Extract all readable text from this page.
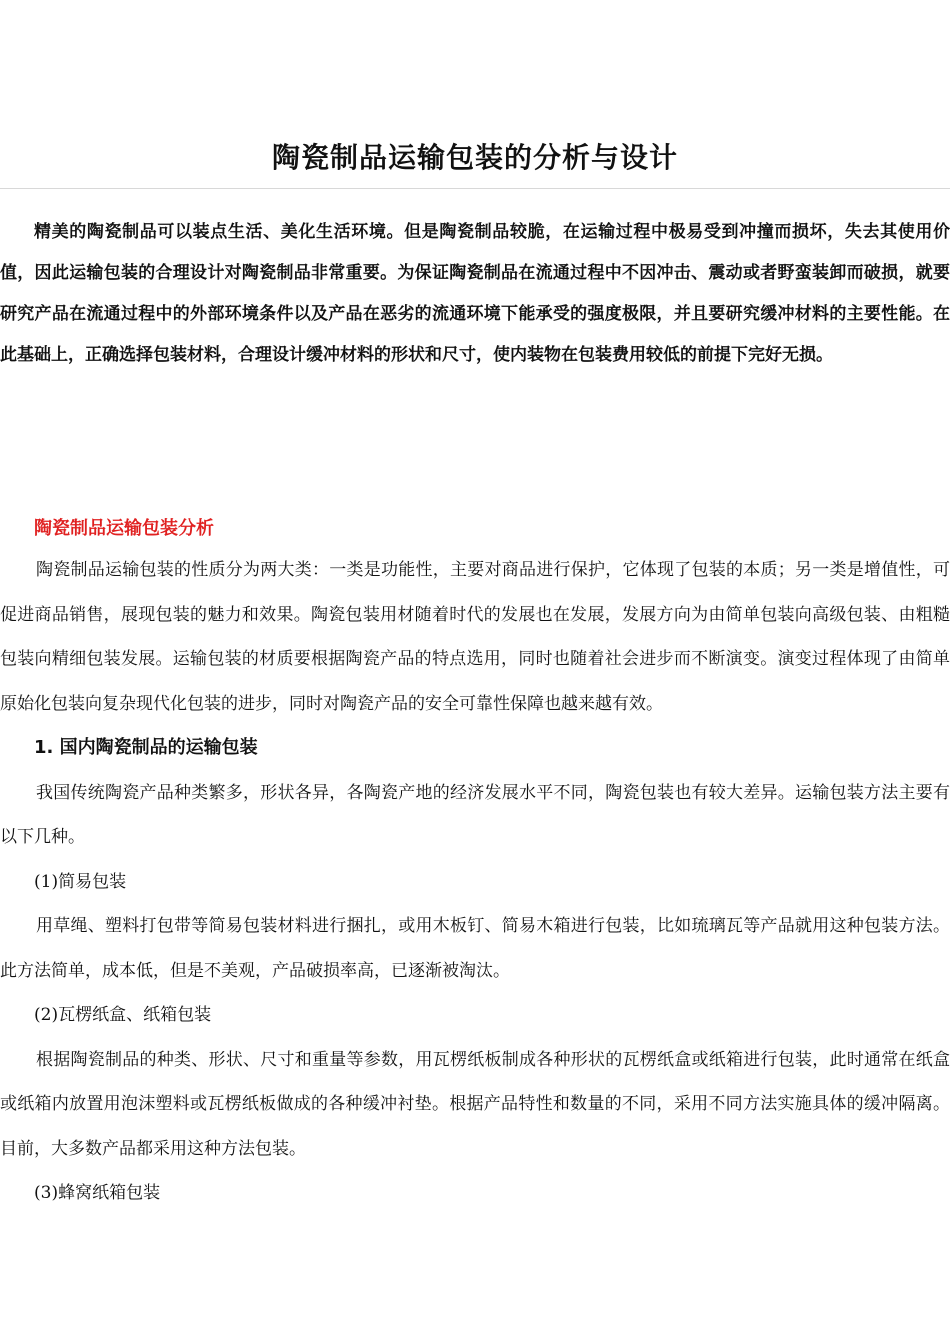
陶瓷制品运输包装的分析与设计

精美的陶瓷制品可以装点生活、美化生活环境。但是陶瓷制品较脆，在运输过程中极易受到冲撞而损坏，失去其使用价值，因此运输包装的合理设计对陶瓷制品非常重要。为保证陶瓷制品在流通过程中不因冲击、震动或者野蛮装卸而破损，就要研究产品在流通过程中的外部环境条件以及产品在恶劣的流通环境下能承受的强度极限，并且要研究缓冲材料的主要性能。在此基础上，正确选择包装材料，合理设计缓冲材料的形状和尺寸，使内装物在包装费用较低的前提下完好无损。

陶瓷制品运输包装分析

陶瓷制品运输包装的性质分为两大类：一类是功能性，主要对商品进行保护，它体现了包装的本质；另一类是增值性，可促进商品销售，展现包装的魅力和效果。陶瓷包装用材随着时代的发展也在发展，发展方向为由简单包装向高级包装、由粗糙包装向精细包装发展。运输包装的材质要根据陶瓷产品的特点选用，同时也随着社会进步而不断演变。演变过程体现了由简单原始化包装向复杂现代化包装的进步，同时对陶瓷产品的安全可靠性保障也越来越有效。

1. 国内陶瓷制品的运输包装

我国传统陶瓷产品种类繁多，形状各异，各陶瓷产地的经济发展水平不同，陶瓷包装也有较大差异。运输包装方法主要有以下几种。

(1)简易包装

用草绳、塑料打包带等简易包装材料进行捆扎，或用木板钉、简易木箱进行包装，比如琉璃瓦等产品就用这种包装方法。此方法简单，成本低，但是不美观，产品破损率高，已逐渐被淘汰。

(2)瓦楞纸盒、纸箱包装

根据陶瓷制品的种类、形状、尺寸和重量等参数，用瓦楞纸板制成各种形状的瓦楞纸盒或纸箱进行包装，此时通常在纸盒或纸箱内放置用泡沫塑料或瓦楞纸板做成的各种缓冲衬垫。根据产品特性和数量的不同，采用不同方法实施具体的缓冲隔离。目前，大多数产品都采用这种方法包装。

(3)蜂窝纸箱包装
